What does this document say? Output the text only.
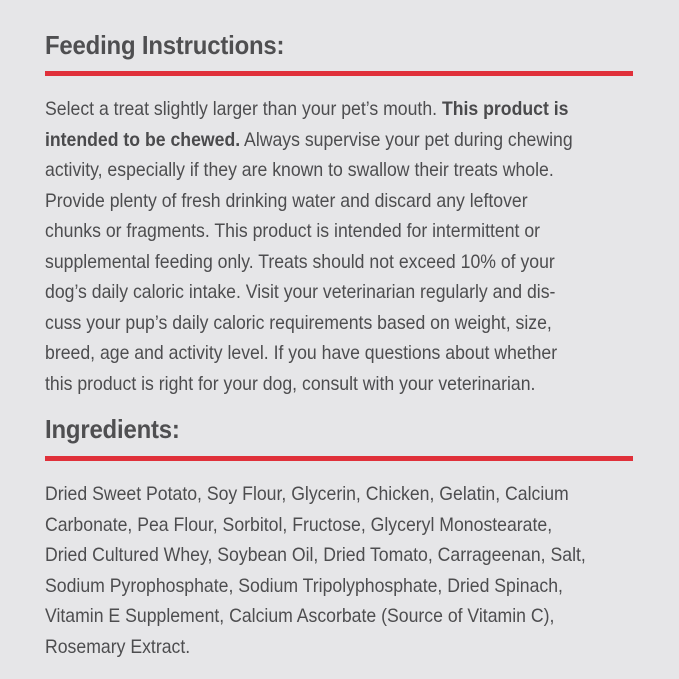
Feeding Instructions:

Select a treat slightly larger than your pet’s mouth. This product is
intended to be chewed. Always supervise your pet during chewing
activity, especially if they are known to swallow their treats whole.
Provide plenty of fresh drinking water and discard any leftover
chunks or fragments. This product is intended for intermittent or
supplemental feeding only. Treats should not exceed 10% of your
dog’s daily caloric intake. Visit your veterinarian regularly and dis-
cuss your pup’s daily caloric requirements based on weight, size,
breed, age and activity level. If you have questions about whether
this product is right for your dog, consult with your veterinarian.

Ingredients:

Dried Sweet Potato, Soy Flour, Glycerin, Chicken, Gelatin, Calcium
Carbonate, Pea Flour, Sorbitol, Fructose, Glyceryl Monostearate,
Dried Cultured Whey, Soybean Oil, Dried Tomato, Carrageenan, Salt,
Sodium Pyrophosphate, Sodium Tripolyphosphate, Dried Spinach,
Vitamin E Supplement, Calcium Ascorbate (Source of Vitamin C),
Rosemary Extract.
